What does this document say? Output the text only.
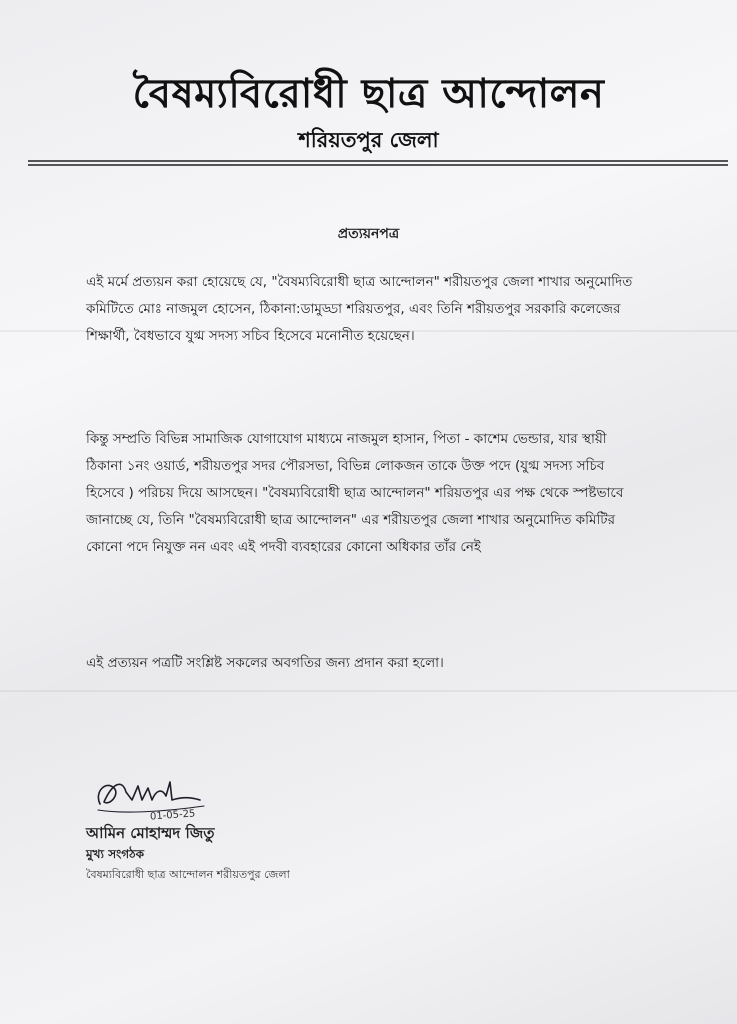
বৈষম্যবিরোধী ছাত্র আন্দোলন
শরিয়তপুর জেলা
প্রত্যয়নপত্র

এই মর্মে প্রত্যয়ন করা হোয়েছে যে, "বৈষম্যবিরোধী ছাত্র আন্দোলন" শরীয়তপুর জেলা শাখার অনুমোদিত কমিটিতে মোঃ নাজমুল হোসেন, ঠিকানা:ডামুড্ডা শরিয়তপুর, এবং তিনি শরীয়তপুর সরকারি কলেজের শিক্ষার্থী, বৈধভাবে যুগ্ম সদস্য সচিব হিসেবে মনোনীত হয়েছেন।

কিন্তু সম্প্রতি বিভিন্ন সামাজিক যোগাযোগ মাধ্যমে নাজমুল হাসান, পিতা - কাশেম ভেন্ডার, যার স্থায়ী ঠিকানা ১নং ওয়ার্ড, শরীয়তপুর সদর পৌরসভা, বিভিন্ন লোকজন তাকে উক্ত পদে (যুগ্ম সদস্য সচিব হিসেবে ) পরিচয় দিয়ে আসছেন। "বৈষম্যবিরোধী ছাত্র আন্দোলন" শরিয়তপুর এর পক্ষ থেকে স্পষ্টভাবে জানাচ্ছে যে, তিনি "বৈষম্যবিরোধী ছাত্র আন্দোলন" এর শরীয়তপুর জেলা শাখার অনুমোদিত কমিটির কোনো পদে নিযুক্ত নন এবং এই পদবী ব্যবহারের কোনো অধিকার তাঁর নেই

এই প্রত্যয়ন পত্রটি সংশ্লিষ্ট সকলের অবগতির জন্য প্রদান করা হলো।

01-05-25
আমিন মোহাম্মদ জিতু
মুখ্য সংগঠক
বৈষম্যবিরোধী ছাত্র আন্দোলন শরীয়তপুর জেলা
